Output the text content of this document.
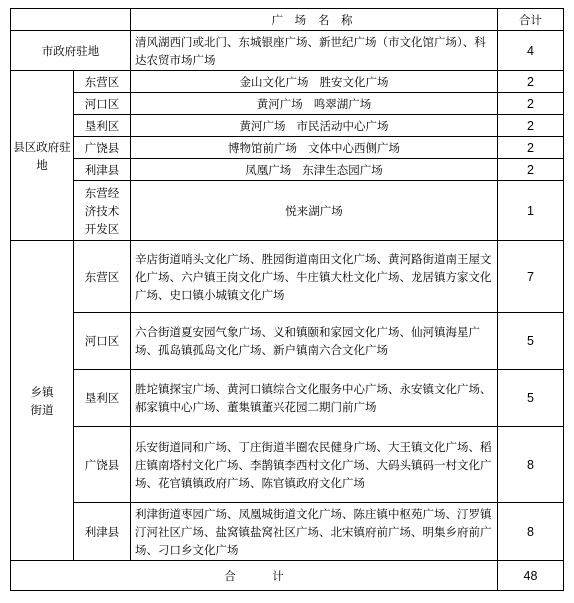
		广 场 名 称	合计
市政府驻地		清风湖西门或北门、东城银座广场、新世纪广场（市文化馆广场）、科达农贸市场广场	4
县区政府驻地	东营区	金山文化广场   胜安文化广场	2
	河口区	黄河广场   鸣翠湖广场	2
	垦利区	黄河广场   市民活动中心广场	2
	广饶县	博物馆前广场   文体中心西侧广场	2
	利津县	凤凰广场   东津生态园广场	2
	东营经济技术开发区	悦来湖广场	1
乡镇街道	东营区	辛店街道哨头文化广场、胜园街道南田文化广场、黄河路街道南王屋文化广场、六户镇王岗文化广场、牛庄镇大杜文化广场、龙居镇方家文化广场、史口镇小城镇文化广场	7
	河口区	六合街道夏安园气象广场、义和镇颐和家园文化广场、仙河镇海星广场、孤岛镇孤岛文化广场、新户镇南六合文化广场	5
	垦利区	胜坨镇探宝广场、黄河口镇综合文化服务中心广场、永安镇文化广场、郝家镇中心广场、董集镇董兴花园二期门前广场	5
	广饶县	乐安街道同和广场、丁庄街道半圈农民健身广场、大王镇文化广场、稻庄镇南塔村文化广场、李鹊镇李西村文化广场、大码头镇码一村文化广场、花官镇镇政府广场、陈官镇政府文化广场	8
	利津县	利津街道枣园广场、凤凰城街道文化广场、陈庄镇中枢苑广场、汀罗镇汀河社区广场、盐窝镇盐窝社区广场、北宋镇府前广场、明集乡府前广场、刁口乡文化广场	8
合          计			48
